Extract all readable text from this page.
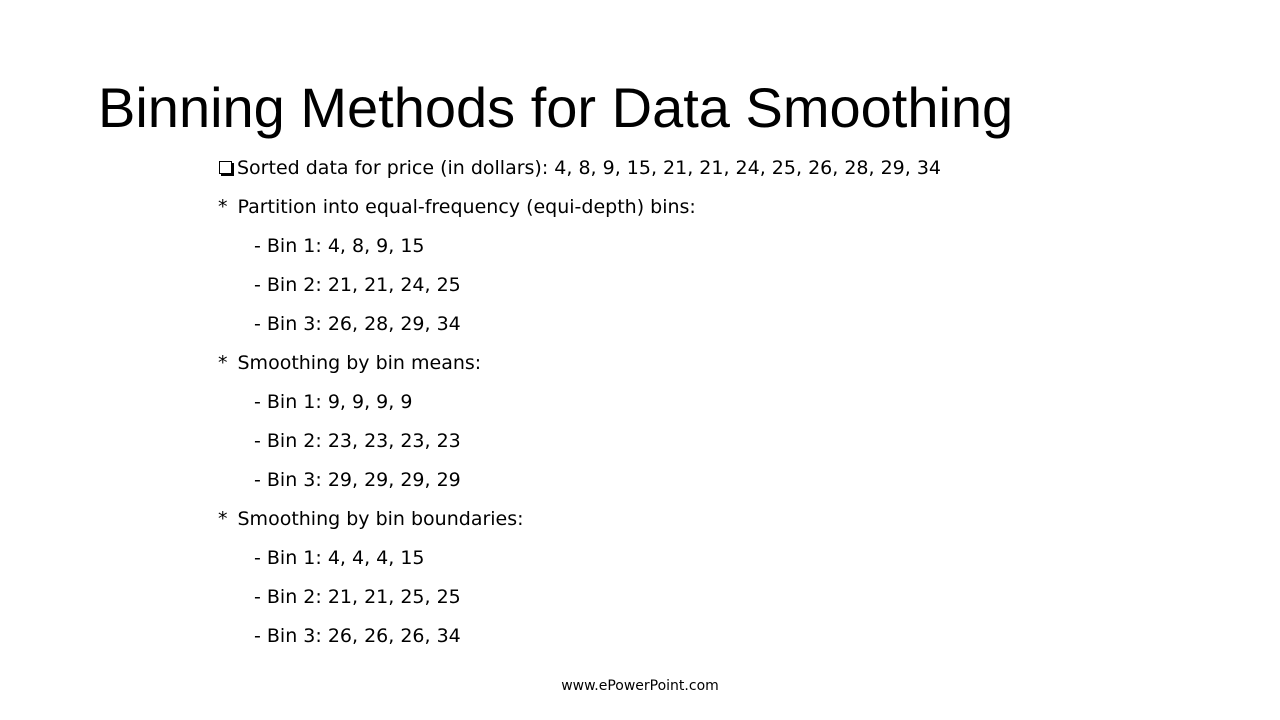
Binning Methods for Data Smoothing
Sorted data for price (in dollars): 4, 8, 9, 15, 21, 21, 24, 25, 26, 28, 29, 34
* Partition into equal-frequency (equi-depth) bins:
- Bin 1: 4, 8, 9, 15
- Bin 2: 21, 21, 24, 25
- Bin 3: 26, 28, 29, 34
* Smoothing by bin means:
- Bin 1: 9, 9, 9, 9
- Bin 2: 23, 23, 23, 23
- Bin 3: 29, 29, 29, 29
* Smoothing by bin boundaries:
- Bin 1: 4, 4, 4, 15
- Bin 2: 21, 21, 25, 25
- Bin 3: 26, 26, 26, 34
www.ePowerPoint.com
